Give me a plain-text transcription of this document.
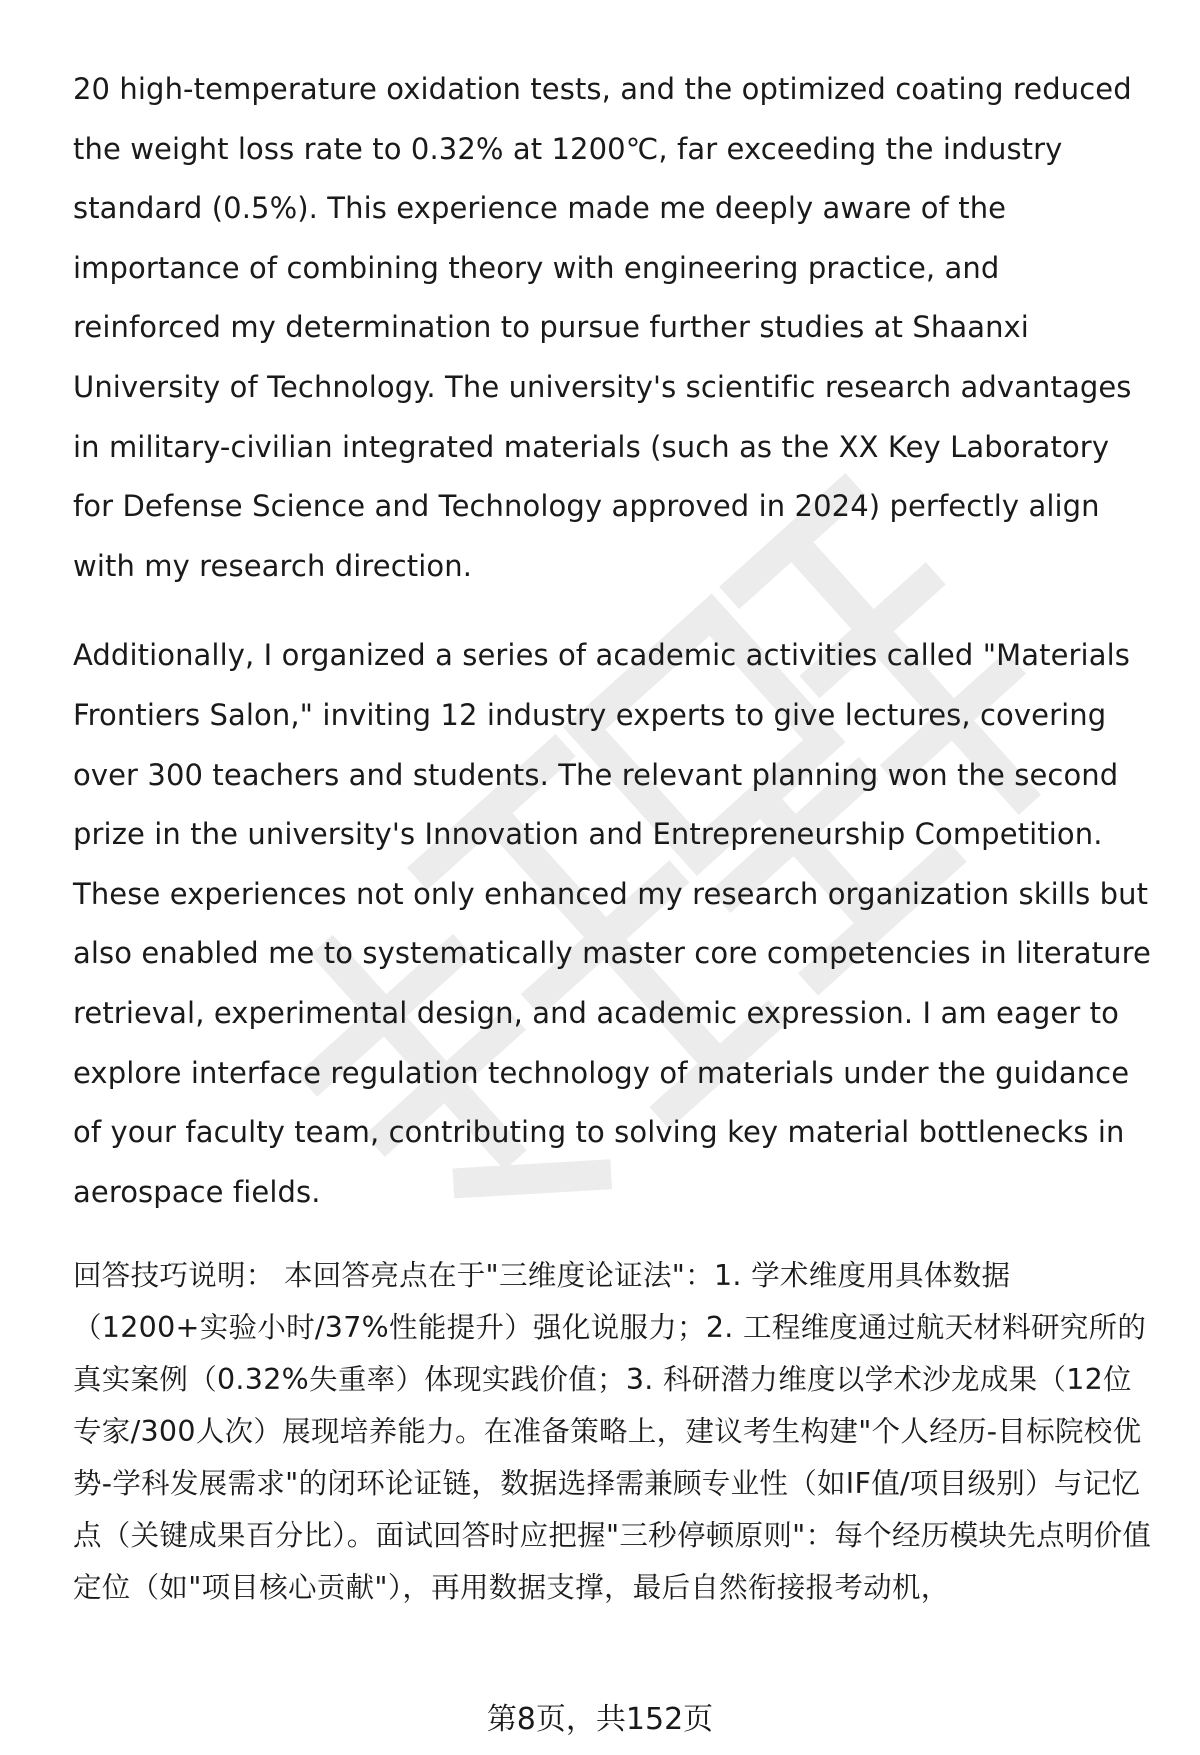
20 high-temperature oxidation tests, and the optimized coating reduced the weight loss rate to 0.32% at 1200℃, far exceeding the industry standard (0.5%). This experience made me deeply aware of the importance of combining theory with engineering practice, and reinforced my determination to pursue further studies at Shaanxi University of Technology. The university's scientific research advantages in military-civilian integrated materials (such as the XX Key Laboratory for Defense Science and Technology approved in 2024) perfectly align with my research direction.

Additionally, I organized a series of academic activities called "Materials Frontiers Salon," inviting 12 industry experts to give lectures, covering over 300 teachers and students. The relevant planning won the second prize in the university's Innovation and Entrepreneurship Competition. These experiences not only enhanced my research organization skills but also enabled me to systematically master core competencies in literature retrieval, experimental design, and academic expression. I am eager to explore interface regulation technology of materials under the guidance of your faculty team, contributing to solving key material bottlenecks in aerospace fields.

回答技巧说明： 本回答亮点在于"三维度论证法"：1. 学术维度用具体数据（1200+实验小时/37%性能提升）强化说服力；2. 工程维度通过航天材料研究所的真实案例（0.32%失重率）体现实践价值；3. 科研潜力维度以学术沙龙成果（12位专家/300人次）展现培养能力。在准备策略上，建议考生构建"个人经历-目标院校优势-学科发展需求"的闭环论证链，数据选择需兼顾专业性（如IF值/项目级别）与记忆点（关键成果百分比）。面试回答时应把握"三秒停顿原则"：每个经历模块先点明价值定位（如"项目核心贡献"），再用数据支撑，最后自然衔接报考动机，

第8页，共152页
